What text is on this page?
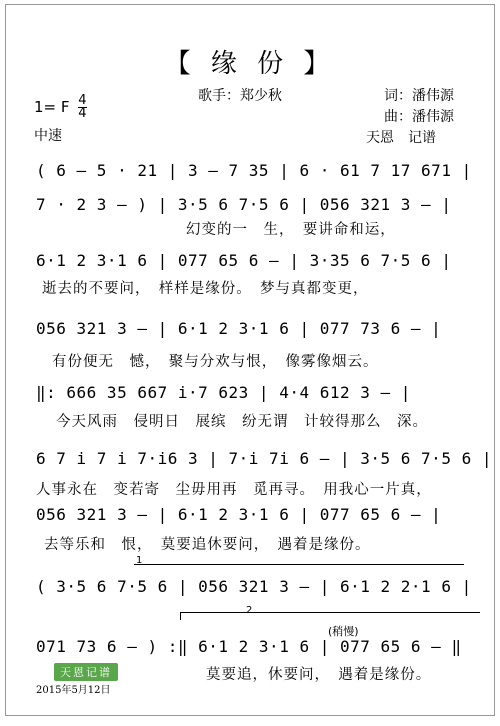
【 缘 份 】
歌手：郑少秋	词：潘伟源
曲：潘伟源
天恩　记谱
1= F $\frac{4}{4}$
中速
( 6 – 5 · 21 | 3 – 7 35 | 6 · 61 7 17 671 |
7 · 2 3 – ) | 3·5 6 7·5 6 | 056 321 3 – |
幻变的一　生，　要讲命和运，
6·1 2 3·1 6 | 077 65 6 – | 3·35 6 7·5 6 |
逝去的不要问，　样样是缘份。　梦与真都变更，
056 321 3 – | 6·1 2 3·1 6 | 077 73 6 – |
有份便无　憾，　聚与分欢与恨，　像雾像烟云。
‖: 666 35 667 i·7 623 | 4·4 612 3 – |
今天风雨　侵明日　展缤　纷无谓　计较得那么　深。
6 7 i 7 i 7·i6 3 | 7·i 7i 6 – | 3·5 6 7·5 6 |
人事永在　变若寄　尘毋用再　觅再寻。　用我心一片真，
056 321 3 – | 6·1 2 3·1 6 | 077 65 6 – |
去等乐和　恨，　莫要追休要问，　遇着是缘份。
1
( 3·5 6 7·5 6 | 056 321 3 – | 6·1 2 2·1 6 |
2
(稍慢)
071 73 6 – ) :‖ 6·1 2 3·1 6 | 077 65 6 – ‖
莫要追，休要问，　遇着是缘份。
天恩记谱
2015年5月12日
